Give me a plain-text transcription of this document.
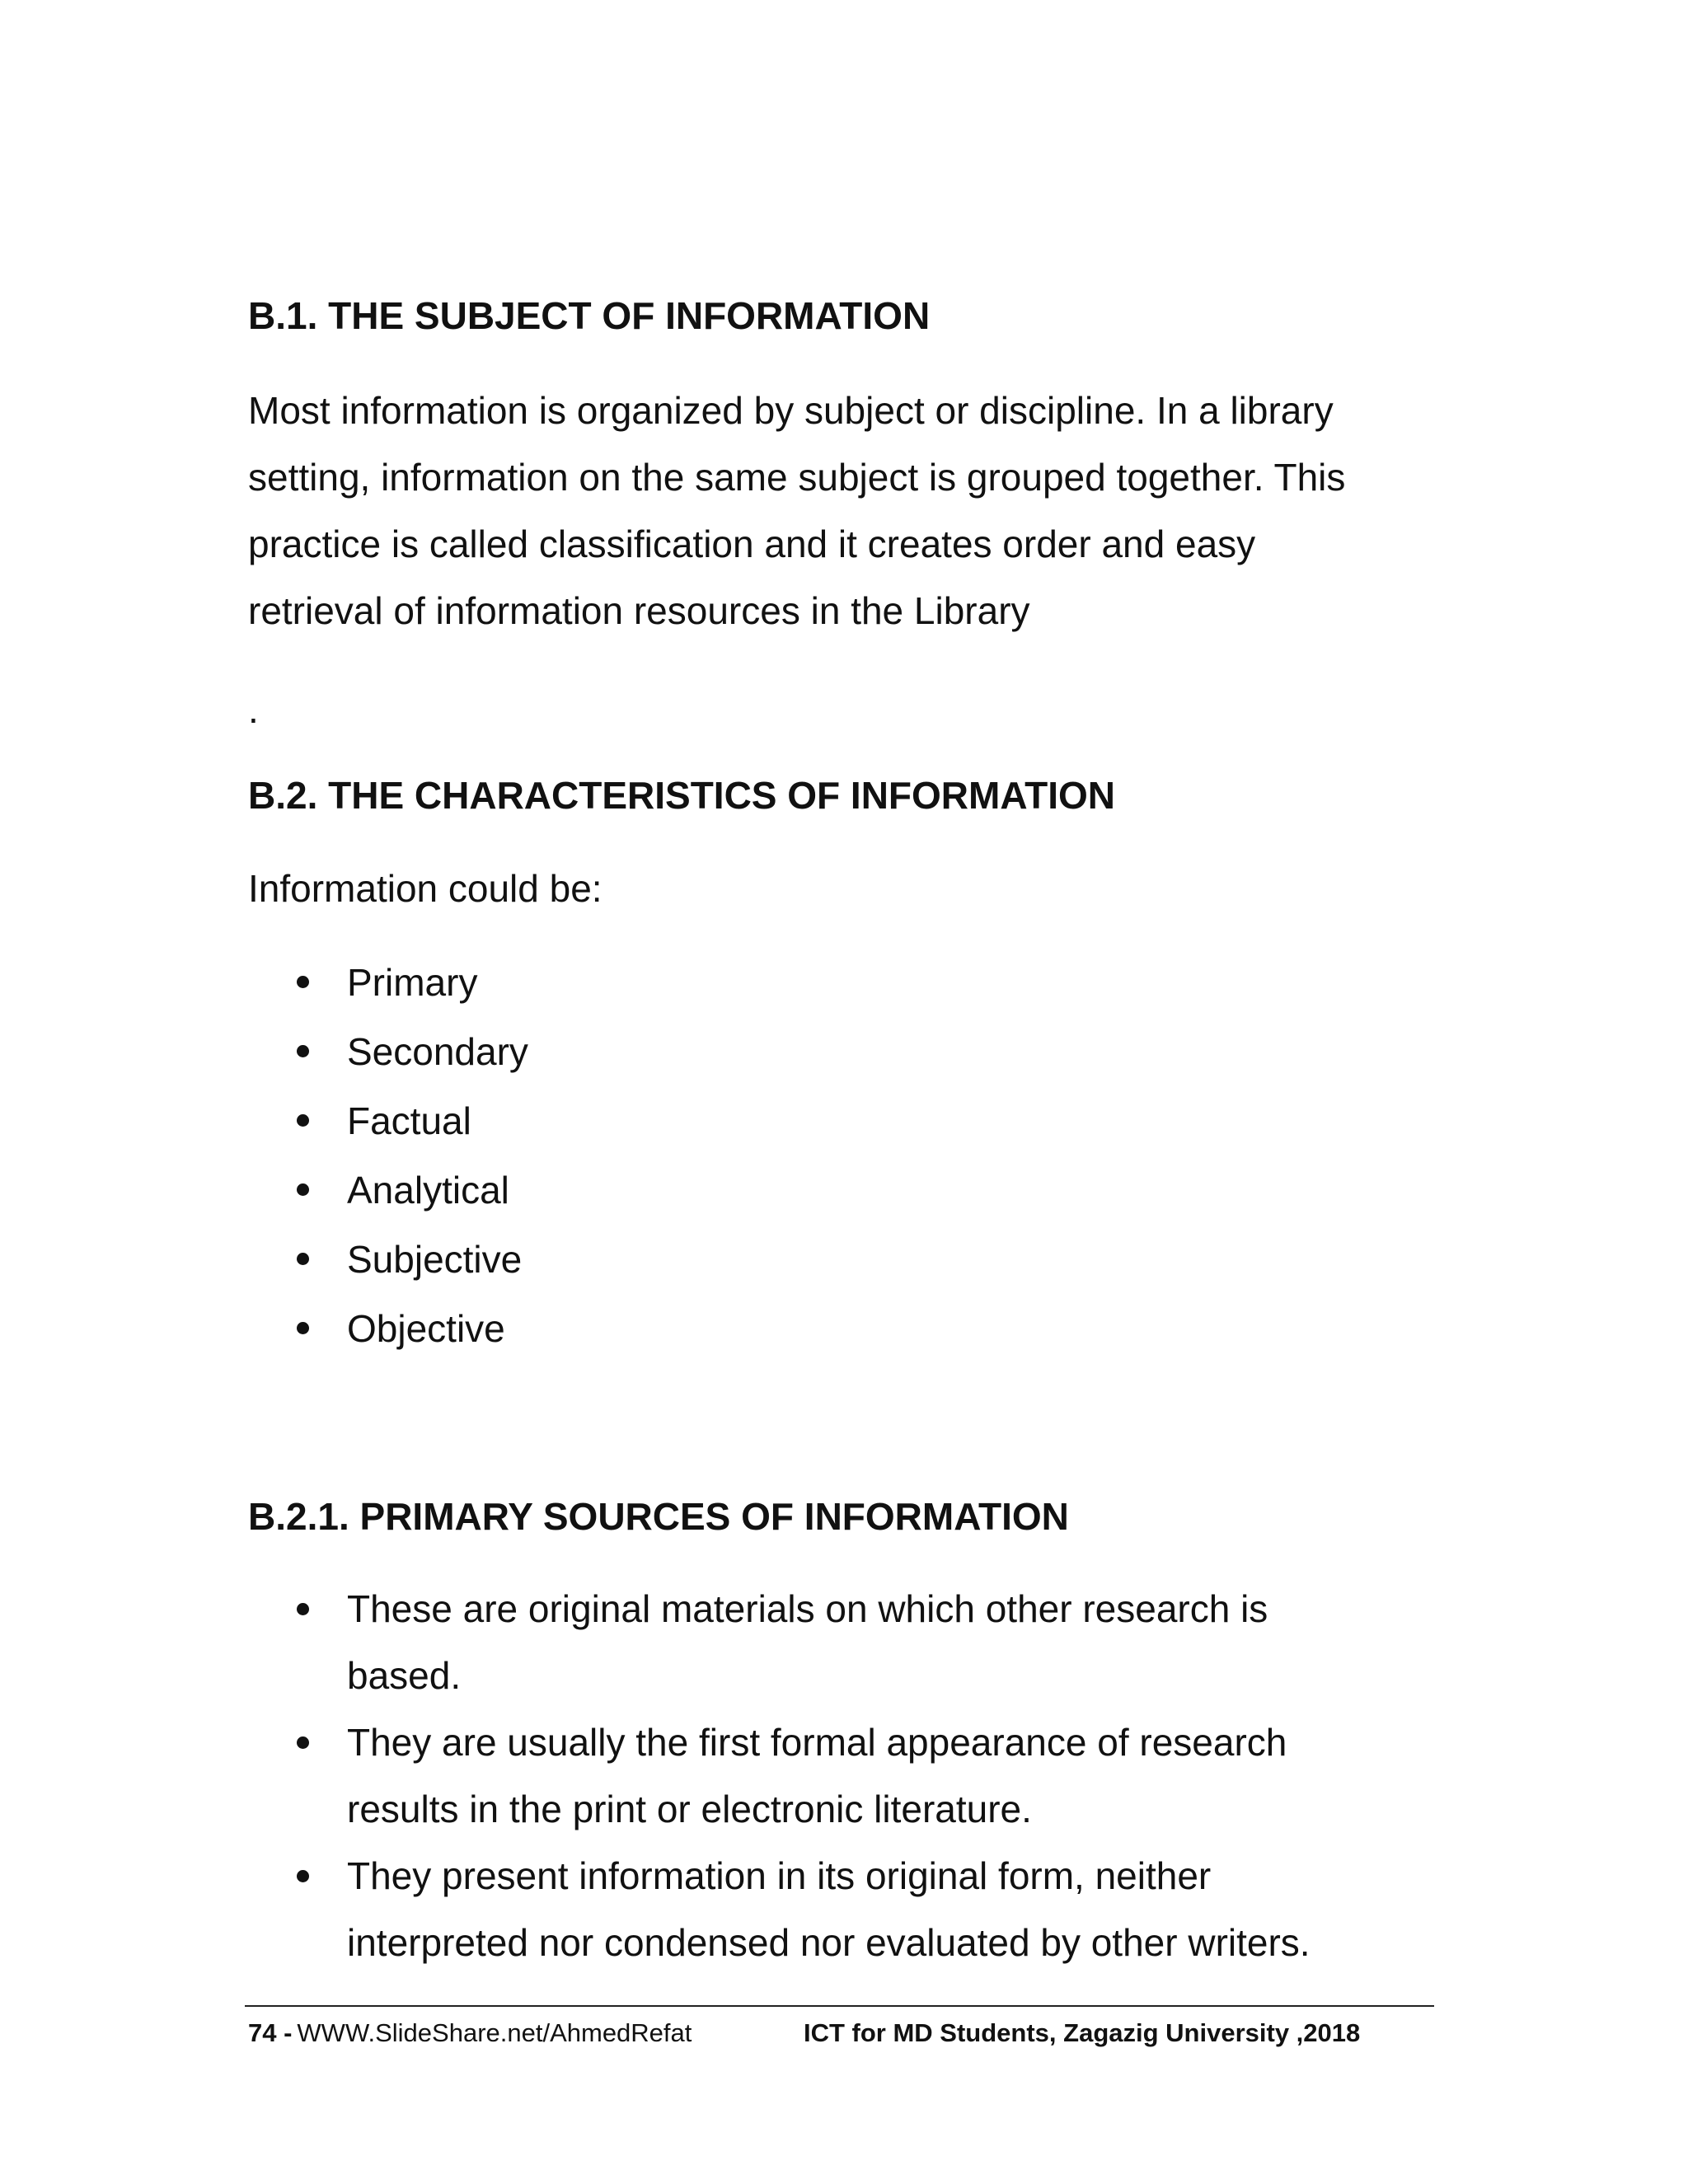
B.1. THE SUBJECT OF INFORMATION

Most information is organized by subject or discipline. In a library
setting, information on the same subject is grouped together. This
practice is called classification and it creates order and easy
retrieval of information resources in the Library

.

B.2. THE CHARACTERISTICS OF INFORMATION

Information could be:

Primary
Secondary
Factual
Analytical
Subjective
Objective
B.2.1. PRIMARY SOURCES OF INFORMATION
These are original materials on which other research is
based.
They are usually the first formal appearance of research
results in the print or electronic literature.
They present information in its original form, neither
interpreted nor condensed nor evaluated by other writers.
74 - WWW.SlideShare.net/AhmedRefat	ICT for MD Students, Zagazig University ,2018
